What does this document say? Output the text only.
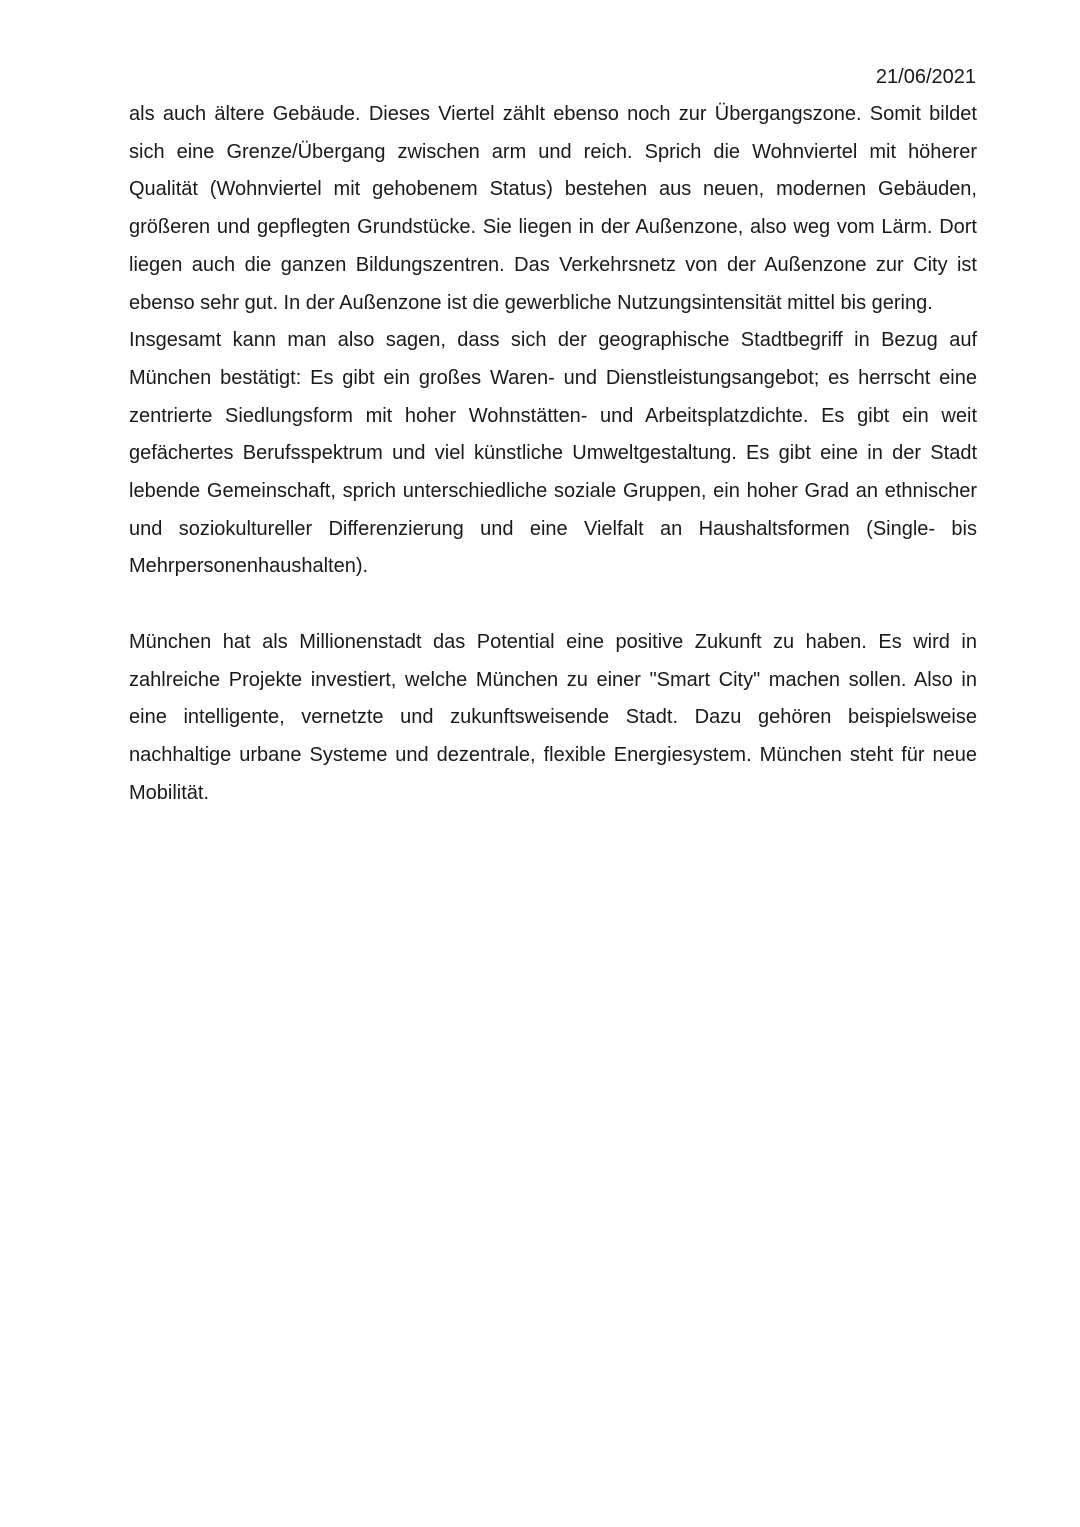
21/06/2021

als auch ältere Gebäude. Dieses Viertel zählt ebenso noch zur Übergangszone. Somit bildet sich eine Grenze/Übergang zwischen arm und reich. Sprich die Wohnviertel mit höherer Qualität (Wohnviertel mit gehobenem Status) bestehen aus neuen, modernen Gebäuden, größeren und gepflegten Grundstücke. Sie liegen in der Außenzone, also weg vom Lärm. Dort liegen auch die ganzen Bildungszentren. Das Verkehrsnetz von der Außenzone zur City ist ebenso sehr gut. In der Außenzone ist die gewerbliche Nutzungsintensität mittel bis gering.

Insgesamt kann man also sagen, dass sich der geographische Stadtbegriff in Bezug auf München bestätigt: Es gibt ein großes Waren- und Dienstleistungsangebot; es herrscht eine zentrierte Siedlungsform mit hoher Wohnstätten- und Arbeitsplatzdichte. Es gibt ein weit gefächertes Berufsspektrum und viel künstliche Umweltgestaltung. Es gibt eine in der Stadt lebende Gemeinschaft, sprich unterschiedliche soziale Gruppen, ein hoher Grad an ethnischer und soziokultureller Differenzierung und eine Vielfalt an Haushaltsformen (Single- bis Mehrpersonenhaushalten).

München hat als Millionenstadt das Potential eine positive Zukunft zu haben. Es wird in zahlreiche Projekte investiert, welche München zu einer "Smart City" machen sollen. Also in eine intelligente, vernetzte und zukunftsweisende Stadt. Dazu gehören beispielsweise nachhaltige urbane Systeme und dezentrale, flexible Energiesystem. München steht für neue Mobilität.
